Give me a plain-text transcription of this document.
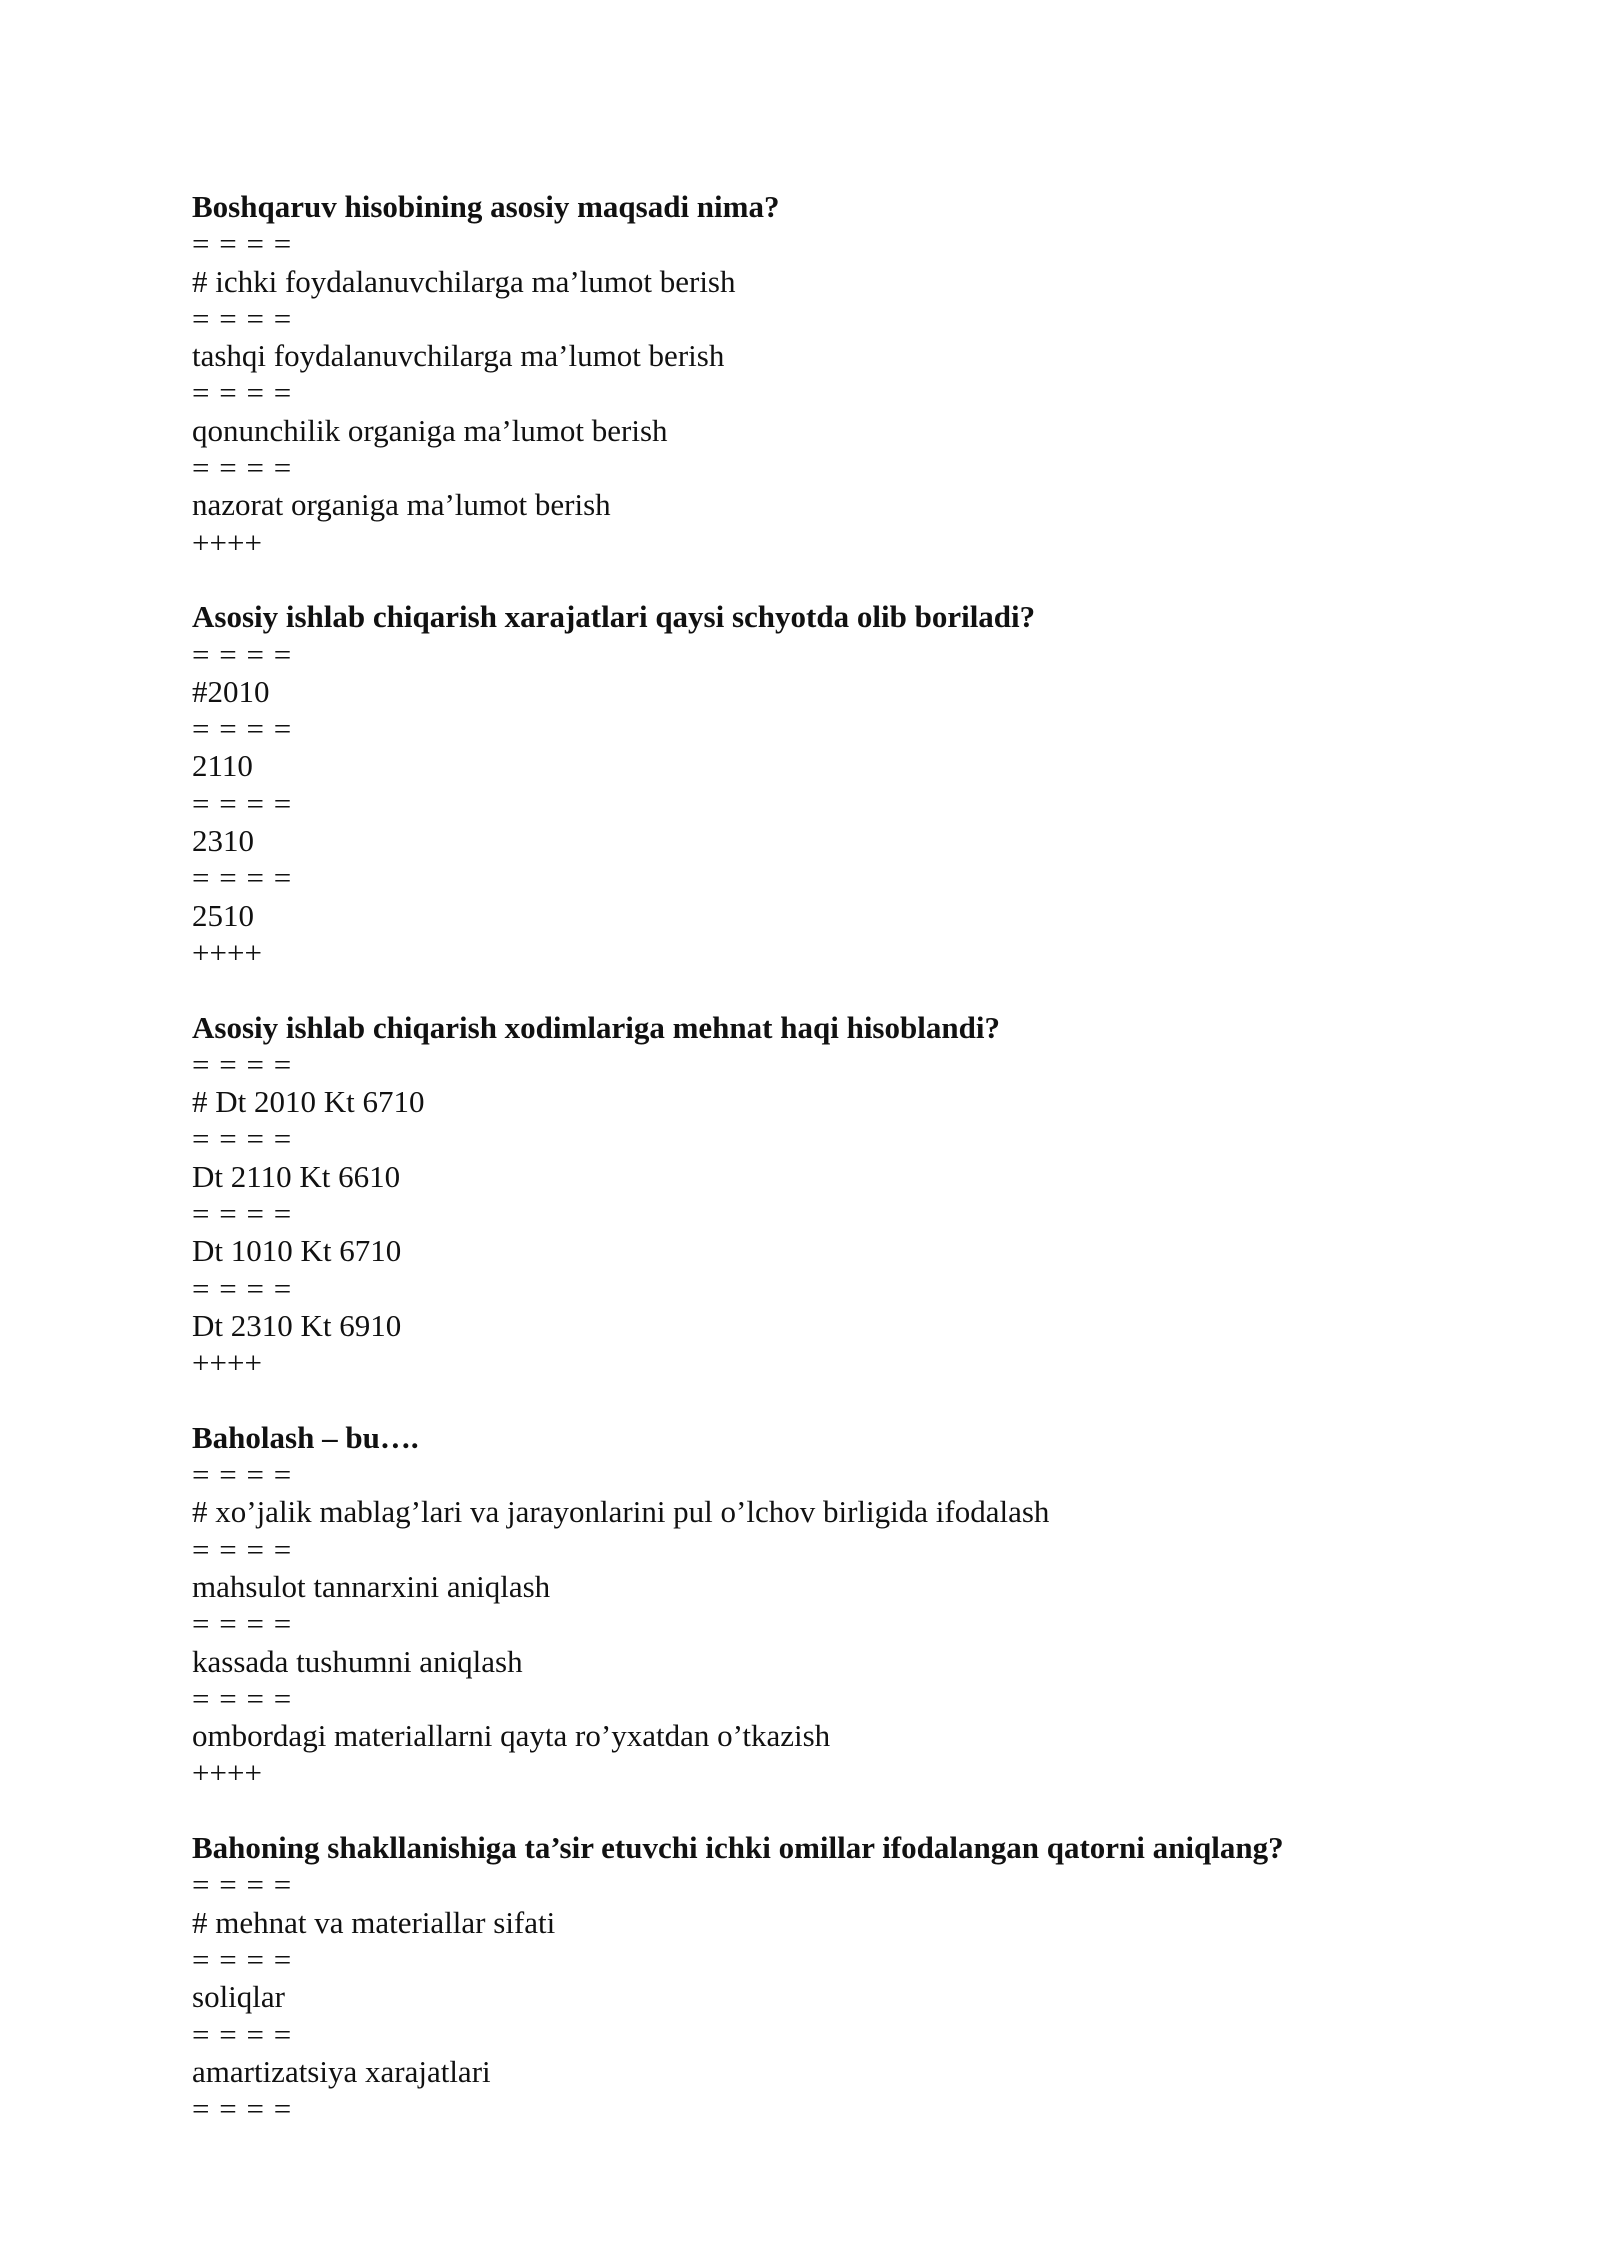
Boshqaruv hisobining asosiy maqsadi nima?
= = = =
# ichki foydalanuvchilarga ma’lumot berish
= = = =
tashqi foydalanuvchilarga ma’lumot berish
= = = =
qonunchilik organiga ma’lumot berish
= = = =
nazorat organiga ma’lumot berish
++++
Asosiy ishlab chiqarish xarajatlari qaysi schyotda olib boriladi?
= = = =
#2010
= = = =
2110
= = = =
2310
= = = =
2510
++++
Asosiy ishlab chiqarish xodimlariga mehnat haqi hisoblandi?
= = = =
# Dt 2010 Kt 6710
= = = =
Dt 2110 Kt 6610
= = = =
Dt 1010 Kt 6710
= = = =
Dt 2310 Kt 6910
++++
Baholash – bu….
= = = =
# xo’jalik mablag’lari va jarayonlarini pul o’lchov birligida ifodalash
= = = =
mahsulot tannarxini aniqlash
= = = =
kassada tushumni aniqlash
= = = =
ombordagi materiallarni qayta ro’yxatdan o’tkazish
++++
Bahoning shakllanishiga ta’sir etuvchi ichki omillar ifodalangan qatorni aniqlang?
= = = =
# mehnat va materiallar sifati
= = = =
soliqlar
= = = =
amartizatsiya xarajatlari
= = = =
